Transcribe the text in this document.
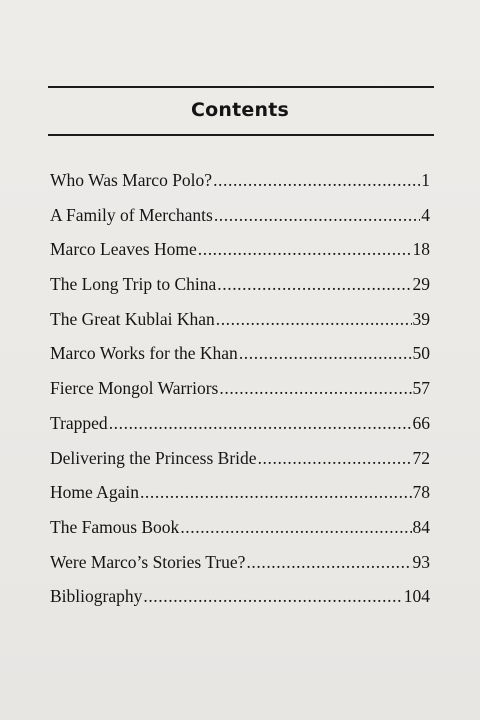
Contents
Who Was Marco Polo? .....	1
A Family of Merchants .....	4
Marco Leaves Home .....	18
The Long Trip to China .....	29
The Great Kublai Khan .....	39
Marco Works for the Khan .....	50
Fierce Mongol Warriors .....	57
Trapped .....	66
Delivering the Princess Bride .....	72
Home Again .....	78
The Famous Book .....	84
Were Marco’s Stories True? .....	93
Bibliography .....	104
